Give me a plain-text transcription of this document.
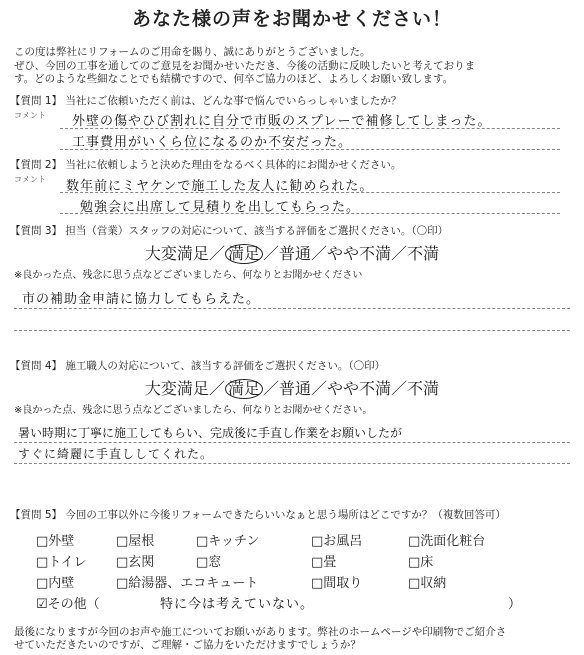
あなた様の声をお聞かせください！
この度は弊社にリフォームのご用命を賜り、誠にありがとうございました。
ぜひ、今回の工事を通してのご意見をお聞かせいただき、今後の活動に反映したいと考えておりま
す。どのような些細なことでも結構ですので、何卒ご協力のほど、よろしくお願い致します。
【質問 1】 当社にご依頼いただく前は、どんな事で悩んでいらっしゃいましたか？
コメント 外壁の傷やひび割れに自分で市販のスプレーで補修してしまった。
工事費用がいくら位になるのか不安だった。
【質問 2】 当社に依頼しようと決めた理由をなるべく具体的にお聞かせください。
コメント 数年前にミヤケンで施工した友人に勧められた。
勉強会に出席して見積りを出してもらった。
【質問 3】 担当（営業）スタッフの対応について、該当する評価をご選択ください。（〇印）
大変満足／ 満足 ／普通／やや不満／不満
※良かった点、残念に思う点などございましたら、何なりとお聞かせください
市の補助金申請に協力してもらえた。
【質問 4】 施工職人の対応について、該当する評価をご選択ください。（〇印）
大変満足／ 満足 ／普通／やや不満／不満
※良かった点、残念に思う点などございましたら、何なりとお聞かせください。
暑い時期に丁寧に施工してもらい、完成後に手直し作業をお願いしたが
すぐに綺麗に手直ししてくれた。
【質問 5】 今回の工事以外に今後リフォームできたらいいなぁと思う場所はどこですか？（複数回答可）
□外壁	□屋根	□キッチン	□お風呂	□洗面化粧台
□トイレ □玄関	□窓	□畳	□床
□内壁	□給湯器、エコキュート	□間取り	□収納
☑その他（	特に今は考えていない。	）
最後になりますが今回のお声や施工についてお願いがあります。弊社のホームページや印刷物でご紹介さ
せていただきたいのですが、ご理解・ご協力をいただけますでしょうか？
